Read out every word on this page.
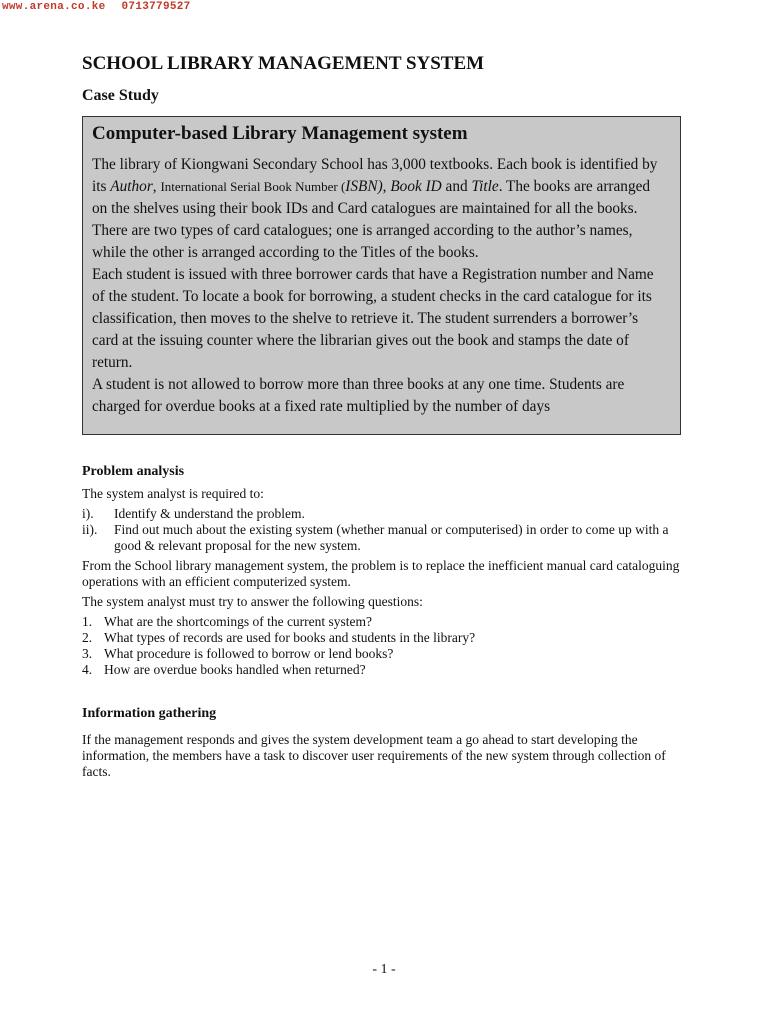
www.arena.co.ke 0713779527
SCHOOL LIBRARY MANAGEMENT SYSTEM
Case Study
Computer-based Library Management system

The library of Kiongwani Secondary School has 3,000 textbooks. Each book is identified by its Author, International Serial Book Number (ISBN), Book ID and Title. The books are arranged on the shelves using their book IDs and Card catalogues are maintained for all the books. There are two types of card catalogues; one is arranged according to the author’s names, while the other is arranged according to the Titles of the books.

Each student is issued with three borrower cards that have a Registration number and Name of the student. To locate a book for borrowing, a student checks in the card catalogue for its classification, then moves to the shelve to retrieve it. The student surrenders a borrower’s card at the issuing counter where the librarian gives out the book and stamps the date of return.

A student is not allowed to borrow more than three books at any one time. Students are charged for overdue books at a fixed rate multiplied by the number of days

Problem analysis

The system analyst is required to:

i). Identify & understand the problem.
ii). Find out much about the existing system (whether manual or computerised) in order to come up with a good & relevant proposal for the new system.

From the School library management system, the problem is to replace the inefficient manual card cataloguing operations with an efficient computerized system.

The system analyst must try to answer the following questions:

1. What are the shortcomings of the current system?
2. What types of records are used for books and students in the library?
3. What procedure is followed to borrow or lend books?
4. How are overdue books handled when returned?
Information gathering

If the management responds and gives the system development team a go ahead to start developing the information, the members have a task to discover user requirements of the new system through collection of facts.

- 1 -
